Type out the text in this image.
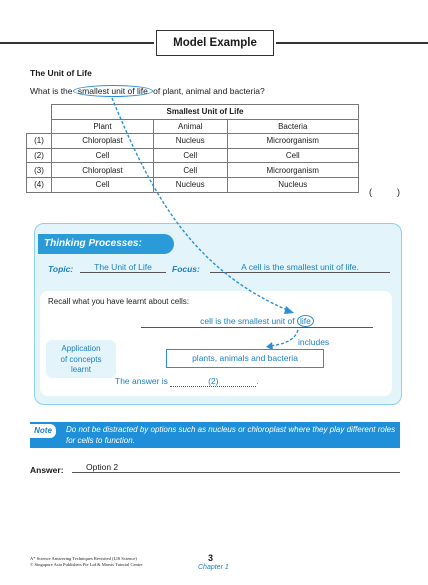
Model Example
The Unit of Life
What is the smallest unit of life of plant, animal and bacteria?
	Smallest Unit of Life		
	Plant	Animal	Bacteria
(1)	Chloroplast	Nucleus	Microorganism
(2)	Cell	Cell	Cell
(3)	Chloroplast	Cell	Microorganism
(4)	Cell	Nucleus	Nucleus
(          )
Thinking Processes:
Topic:	The Unit of Life	Focus:	A cell is the smallest unit of life.
Recall what you have learnt about cells:
cell is the smallest unit of life
includes
Application
of concepts
learnt
plants, animals and bacteria
The answer is	(2)	.
Note	Do not be distracted by options such as nucleus or chloroplast where they play different roles for cells to function.
Answer:	Option 2
A* Science Answering Techniques Revisited (LIS Science)
© Singapore Asia Publishers Pte Ltd & Marsis Tutorial Centre
3
Chapter 1
